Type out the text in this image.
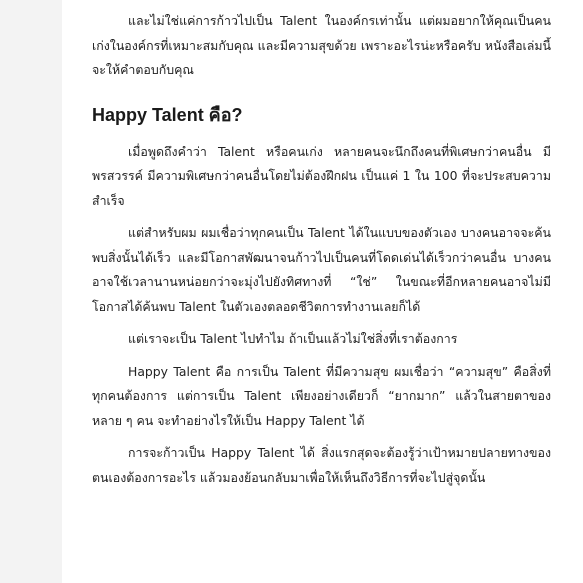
และไม่ใช่แค่การก้าวไปเป็น Talent ในองค์กรเท่านั้น แต่ผมอยากให้คุณเป็นคนเก่งในองค์กรที่เหมาะสมกับคุณ และมีความสุขด้วย เพราะอะไรน่ะหรือครับ หนังสือเล่มนี้จะให้คำตอบกับคุณ

Happy Talent คือ?

เมื่อพูดถึงคำว่า Talent หรือคนเก่ง หลายคนจะนึกถึงคนที่พิเศษกว่าคนอื่น มีพรสวรรค์ มีความพิเศษกว่าคนอื่นโดยไม่ต้องฝึกฝน เป็นแค่ 1 ใน 100 ที่จะประสบความสำเร็จ

แต่สำหรับผม ผมเชื่อว่าทุกคนเป็น Talent ได้ในแบบของตัวเอง บางคนอาจจะค้นพบสิ่งนั้นได้เร็ว และมีโอกาสพัฒนาจนก้าวไปเป็นคนที่โดดเด่นได้เร็วกว่าคนอื่น บางคนอาจใช้เวลานานหน่อยกว่าจะมุ่งไปยังทิศทางที่ “ใช่” ในขณะที่อีกหลายคนอาจไม่มีโอกาสได้ค้นพบ Talent ในตัวเองตลอดชีวิตการทำงานเลยก็ได้

แต่เราจะเป็น Talent ไปทำไม ถ้าเป็นแล้วไม่ใช่สิ่งที่เราต้องการ

Happy Talent คือ การเป็น Talent ที่มีความสุข ผมเชื่อว่า “ความสุข” คือสิ่งที่ทุกคนต้องการ แต่การเป็น Talent เพียงอย่างเดียวก็ “ยากมาก” แล้วในสายตาของหลาย ๆ คน จะทำอย่างไรให้เป็น Happy Talent ได้

การจะก้าวเป็น Happy Talent ได้ สิ่งแรกสุดจะต้องรู้ว่าเป้าหมายปลายทางของตนเองต้องการอะไร แล้วมองย้อนกลับมาเพื่อให้เห็นถึงวิธีการที่จะไปสู่จุดนั้น
